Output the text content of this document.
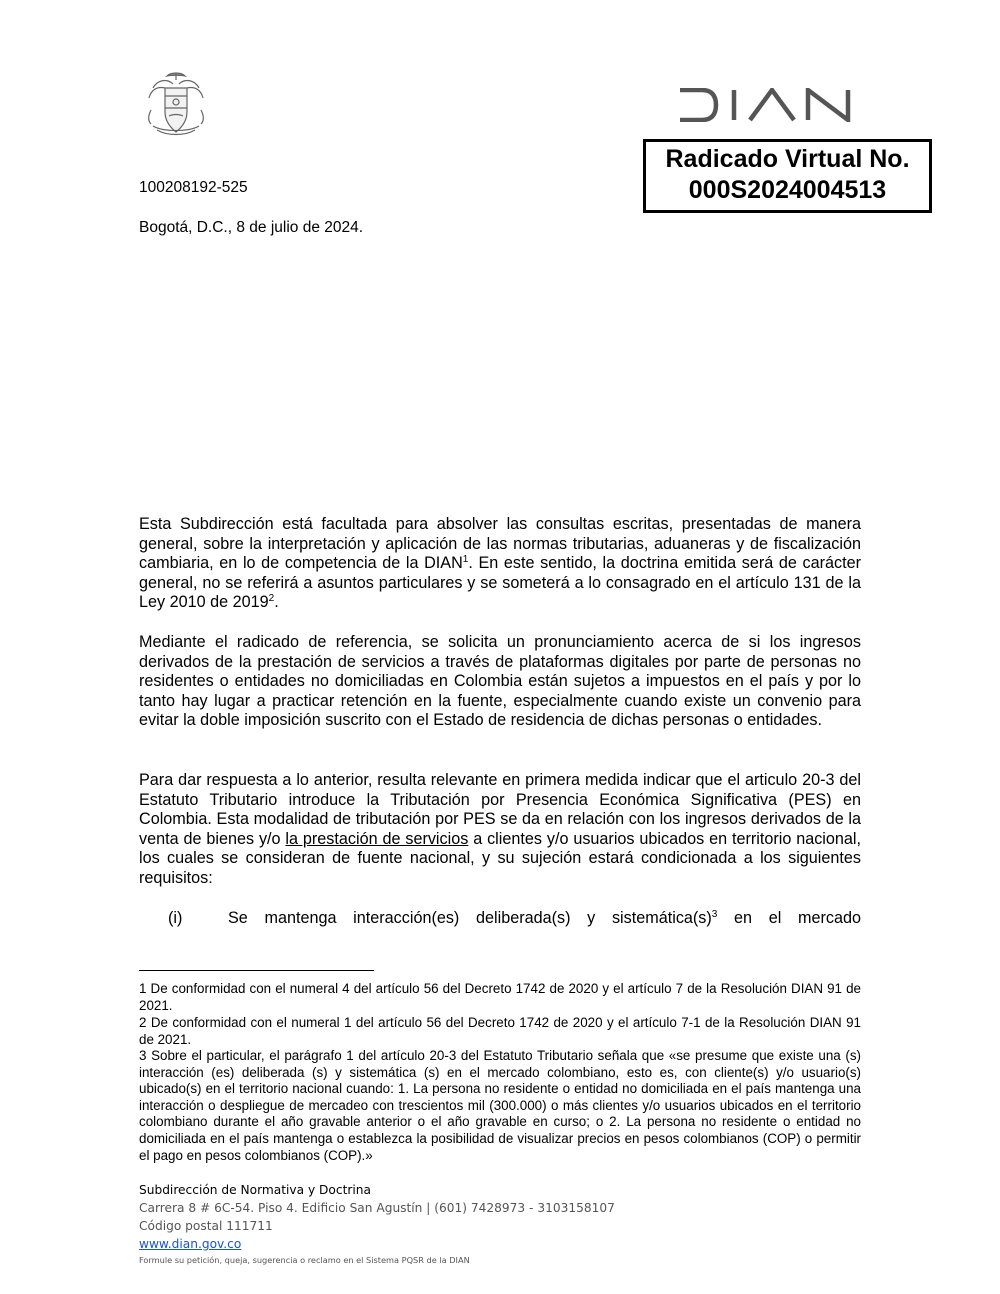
Radicado Virtual No.
000S2024004513
100208192-525
Bogotá, D.C., 8 de julio de 2024.

Esta Subdirección está facultada para absolver las consultas escritas, presentadas de manera general, sobre la interpretación y aplicación de las normas tributarias, aduaneras y de fiscalización cambiaria, en lo de competencia de la DIAN$^1$. En este sentido, la doctrina emitida será de carácter general, no se referirá a asuntos particulares y se someterá a lo consagrado en el artículo 131 de la Ley 2010 de 2019$^2$.

Mediante el radicado de referencia, se solicita un pronunciamiento acerca de si los ingresos derivados de la prestación de servicios a través de plataformas digitales por parte de personas no residentes o entidades no domiciliadas en Colombia están sujetos a impuestos en el país y por lo tanto hay lugar a practicar retención en la fuente, especialmente cuando existe un convenio para evitar la doble imposición suscrito con el Estado de residencia de dichas personas o entidades.

Para dar respuesta a lo anterior, resulta relevante en primera medida indicar que el articulo 20-3 del Estatuto Tributario introduce la Tributación por Presencia Económica Significativa (PES) en Colombia. Esta modalidad de tributación por PES se da en relación con los ingresos derivados de la venta de bienes y/o la prestación de servicios a clientes y/o usuarios ubicados en territorio nacional, los cuales se consideran de fuente nacional, y su sujeción estará condicionada a los siguientes requisitos:

(i)	Se mantenga interacción(es) deliberada(s) y $sistemática(s)^3$ en el mercado

1 De conformidad con el numeral 4 del artículo 56 del Decreto 1742 de 2020 y el artículo 7 de la Resolución DIAN 91 de 2021.

2 De conformidad con el numeral 1 del artículo 56 del Decreto 1742 de 2020 y el artículo 7-1 de la Resolución DIAN 91 de 2021.

3 Sobre el particular, el parágrafo 1 del artículo 20-3 del Estatuto Tributario señala que «se presume que existe una (s) interacción (es) deliberada (s) y sistemática (s) en el mercado colombiano, esto es, con cliente(s) y/o usuario(s) ubicado(s) en el territorio nacional cuando: 1. La persona no residente o entidad no domiciliada en el país mantenga una interacción o despliegue de mercadeo con trescientos mil (300.000) o más clientes y/o usuarios ubicados en el territorio colombiano durante el año gravable anterior o el año gravable en curso; o 2. La persona no residente o entidad no domiciliada en el país mantenga o establezca la posibilidad de visualizar precios en pesos colombianos (COP) o permitir el pago en pesos colombianos (COP).»

Subdirección de Normativa y Doctrina
Carrera 8 # 6C-54. Piso 4. Edificio San Agustín | (601) 7428973 - 3103158107
Código postal 111711
www.dian.gov.co
Formule su petición, queja, sugerencia o reclamo en el Sistema PQSR de la DIAN
